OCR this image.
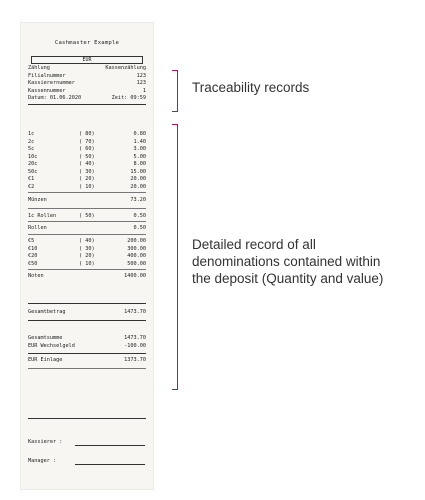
Cashmaster Example
EUR
Zählung	Kassenzählung
Filialnummer	123
Kassierernummer	123
Kassennummer	1
Datum: 01.06.2020	Zeit: 09:59
1c	( 80)	0.80
2c	( 70)	1.40
5c	( 60)	3.00
10c	( 50)	5.00
20c	( 40)	8.00
50c	( 30)	15.00
€1	( 20)	20.00
€2	( 10)	20.00
Münzen	73.20
1c Rollen	( 50)	0.50
Rollen	0.50
€5	( 40)	200.00
€10	( 30)	300.00
€20	( 20)	400.00
€50	( 10)	500.00
Noten	1400.00
Gesamtbetrag	1473.70
Gesamtsumme	1473.70
EUR Wechselgeld	-100.00
EUR Einlage	1373.70
Kassierer :
Manager :
Traceability records
Detailed record of all
denominations contained within
the deposit (Quantity and value)
